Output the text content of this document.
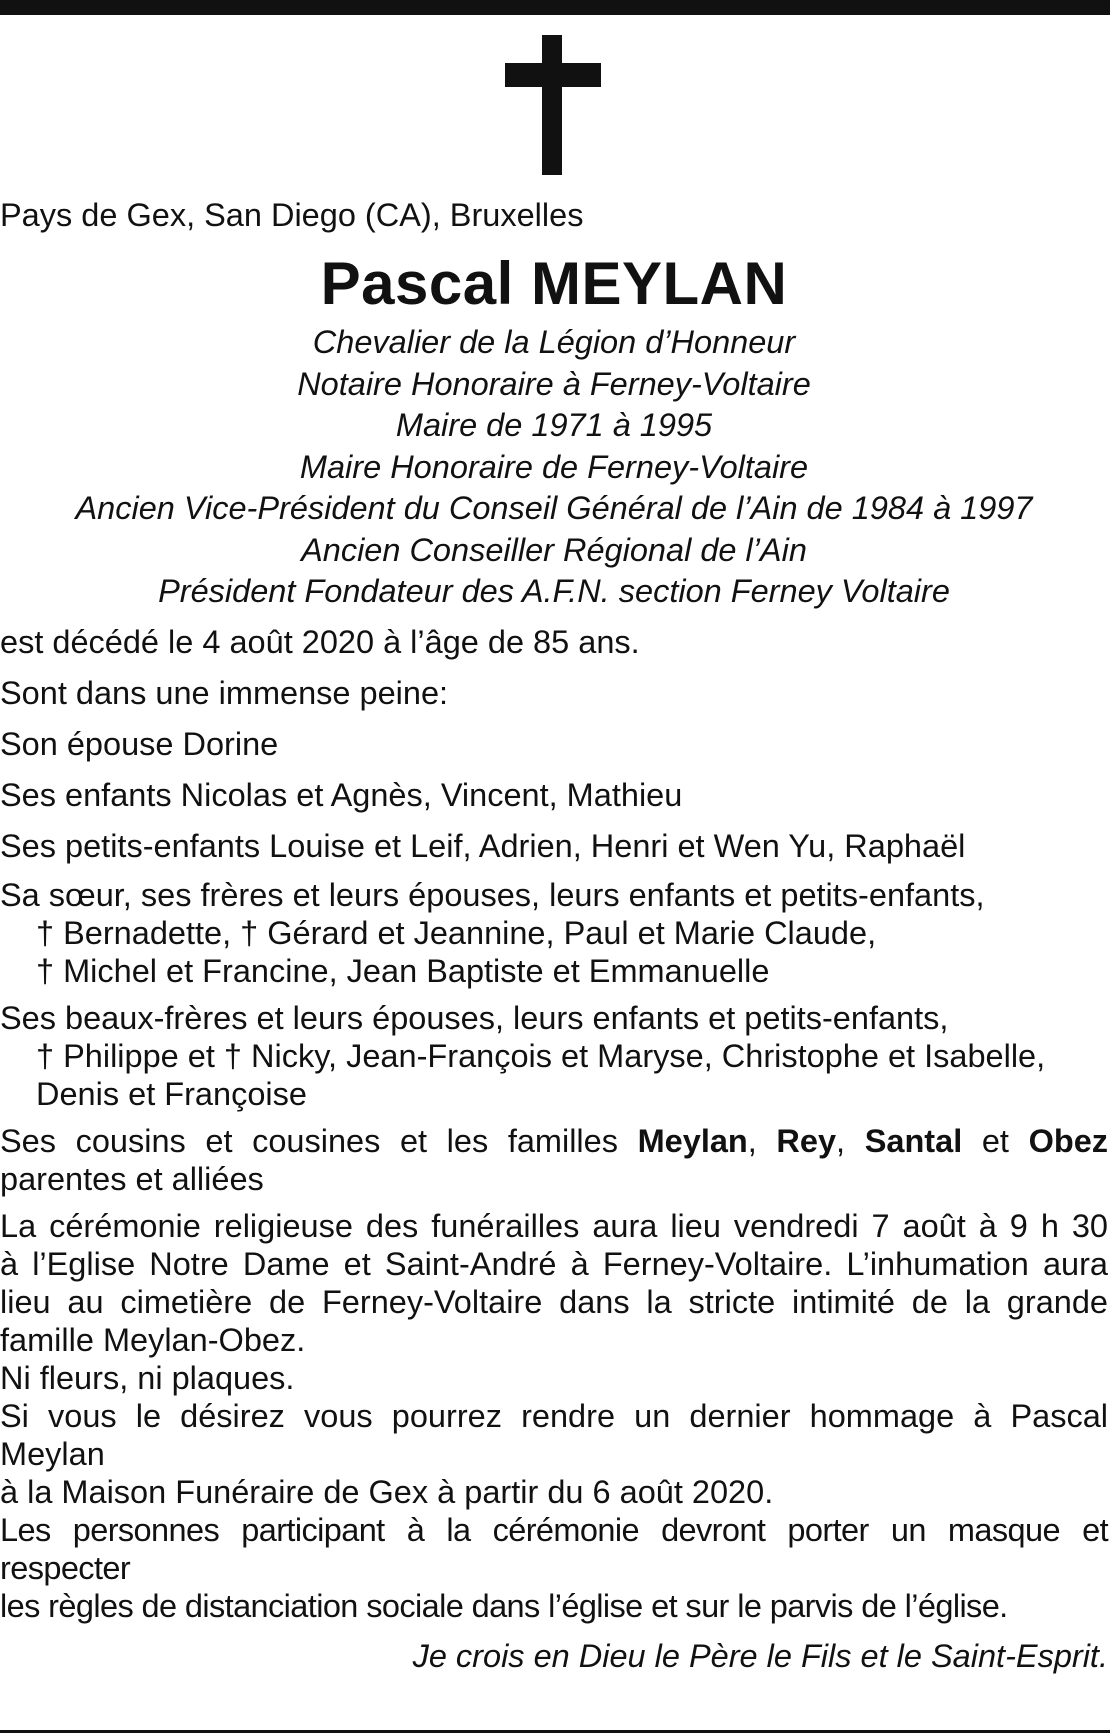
Pays de Gex, San Diego (CA), Bruxelles

Pascal MEYLAN

Chevalier de la Légion d’Honneur

Notaire Honoraire à Ferney-Voltaire

Maire de 1971 à 1995

Maire Honoraire de Ferney-Voltaire

Ancien Vice-Président du Conseil Général de l’Ain de 1984 à 1997

Ancien Conseiller Régional de l’Ain

Président Fondateur des A.F.N. section Ferney Voltaire

est décédé le 4 août 2020 à l’âge de 85 ans.

Sont dans une immense peine:

Son épouse Dorine

Ses enfants Nicolas et Agnès, Vincent, Mathieu

Ses petits-enfants Louise et Leif, Adrien, Henri et Wen Yu, Raphaël

Sa sœur, ses frères et leurs épouses, leurs enfants et petits-enfants,

† Bernadette, † Gérard et Jeannine, Paul et Marie Claude,

† Michel et Francine, Jean Baptiste et Emmanuelle

Ses beaux-frères et leurs épouses, leurs enfants et petits-enfants,

† Philippe et † Nicky, Jean-François et Maryse, Christophe et Isabelle,

Denis et Françoise

Ses cousins et cousines et les familles Meylan, Rey, Santal et Obez

parentes et alliées

La cérémonie religieuse des funérailles aura lieu vendredi 7 août à 9 h 30

à l’Eglise Notre Dame et Saint-André à Ferney-Voltaire. L’inhumation aura

lieu au cimetière de Ferney-Voltaire dans la stricte intimité de la grande

famille Meylan-Obez.

Ni fleurs, ni plaques.

Si vous le désirez vous pourrez rendre un dernier hommage à Pascal Meylan

à la Maison Funéraire de Gex à partir du 6 août 2020.

Les personnes participant à la cérémonie devront porter un masque et respecter

les règles de distanciation sociale dans l’église et sur le parvis de l’église.

Je crois en Dieu le Père le Fils et le Saint-Esprit.
